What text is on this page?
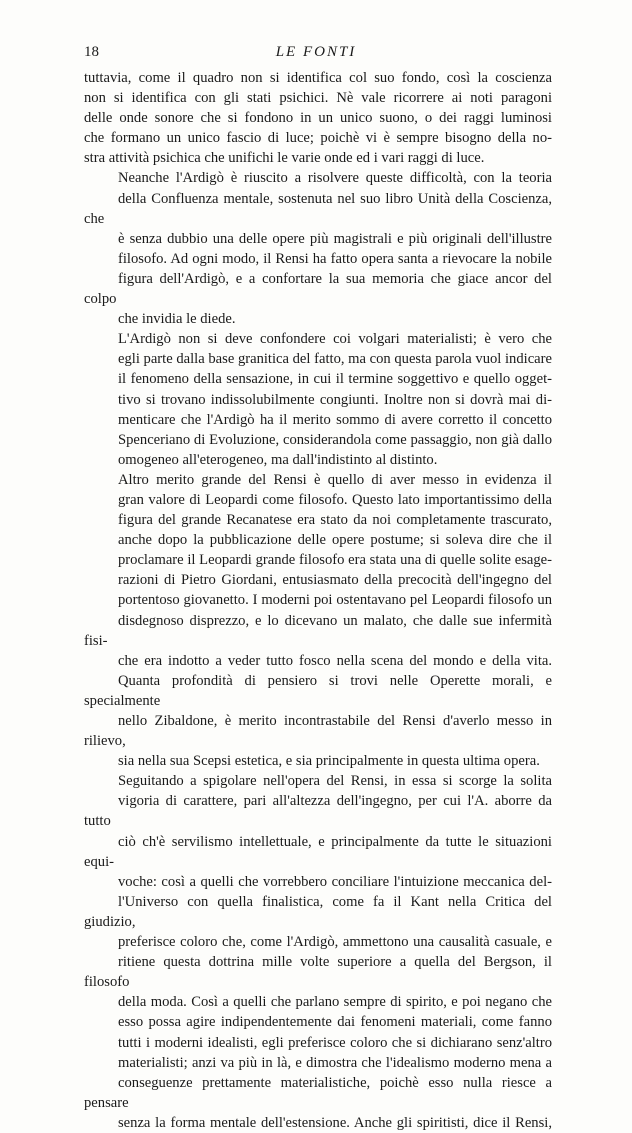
18	LE FONTI
tuttavia, come il quadro non si identifica col suo fondo, così la coscienza
non si identifica con gli stati psichici. Nè vale ricorrere ai noti paragoni
delle onde sonore che si fondono in un unico suono, o dei raggi luminosi
che formano un unico fascio di luce; poichè vi è sempre bisogno della no-
stra attività psichica che unifichi le varie onde ed i vari raggi di luce.
Neanche l'Ardigò è riuscito a risolvere queste difficoltà, con la teoria
della Confluenza mentale, sostenuta nel suo libro Unità della Coscienza, che
è senza dubbio una delle opere più magistrali e più originali dell'illustre
filosofo. Ad ogni modo, il Rensi ha fatto opera santa a rievocare la nobile
figura dell'Ardigò, e a confortare la sua memoria che giace ancor del colpo
che invidia le diede.
L'Ardigò non si deve confondere coi volgari materialisti; è vero che
egli parte dalla base granitica del fatto, ma con questa parola vuol indicare
il fenomeno della sensazione, in cui il termine soggettivo e quello ogget-
tivo si trovano indissolubilmente congiunti. Inoltre non si dovrà mai di-
menticare che l'Ardigò ha il merito sommo di avere corretto il concetto
Spenceriano di Evoluzione, considerandola come passaggio, non già dallo
omogeneo all'eterogeneo, ma dall'indistinto al distinto.
Altro merito grande del Rensi è quello di aver messo in evidenza il
gran valore di Leopardi come filosofo. Questo lato importantissimo della
figura del grande Recanatese era stato da noi completamente trascurato,
anche dopo la pubblicazione delle opere postume; si soleva dire che il
proclamare il Leopardi grande filosofo era stata una di quelle solite esage-
razioni di Pietro Giordani, entusiasmato della precocità dell'ingegno del
portentoso giovanetto. I moderni poi ostentavano pel Leopardi filosofo un
disdegnoso disprezzo, e lo dicevano un malato, che dalle sue infermità fisi-
che era indotto a veder tutto fosco nella scena del mondo e della vita.
Quanta profondità di pensiero si trovi nelle Operette morali, e specialmente
nello Zibaldone, è merito incontrastabile del Rensi d'averlo messo in rilievo,
sia nella sua Scepsi estetica, e sia principalmente in questa ultima opera.
Seguitando a spigolare nell'opera del Rensi, in essa si scorge la solita
vigoria di carattere, pari all'altezza dell'ingegno, per cui l'A. aborre da tutto
ciò ch'è servilismo intellettuale, e principalmente da tutte le situazioni equi-
voche: così a quelli che vorrebbero conciliare l'intuizione meccanica del-
l'Universo con quella finalistica, come fa il Kant nella Critica del giudizio,
preferisce coloro che, come l'Ardigò, ammettono una causalità casuale, e
ritiene questa dottrina mille volte superiore a quella del Bergson, il filosofo
della moda. Così a quelli che parlano sempre di spirito, e poi negano che
esso possa agire indipendentemente dai fenomeni materiali, come fanno
tutti i moderni idealisti, egli preferisce coloro che si dichiarano senz'altro
materialisti; anzi va più in là, e dimostra che l'idealismo moderno mena a
conseguenze prettamente materialistiche, poichè esso nulla riesce a pensare
senza la forma mentale dell'estensione. Anche gli spiritisti, dice il Rensi,
